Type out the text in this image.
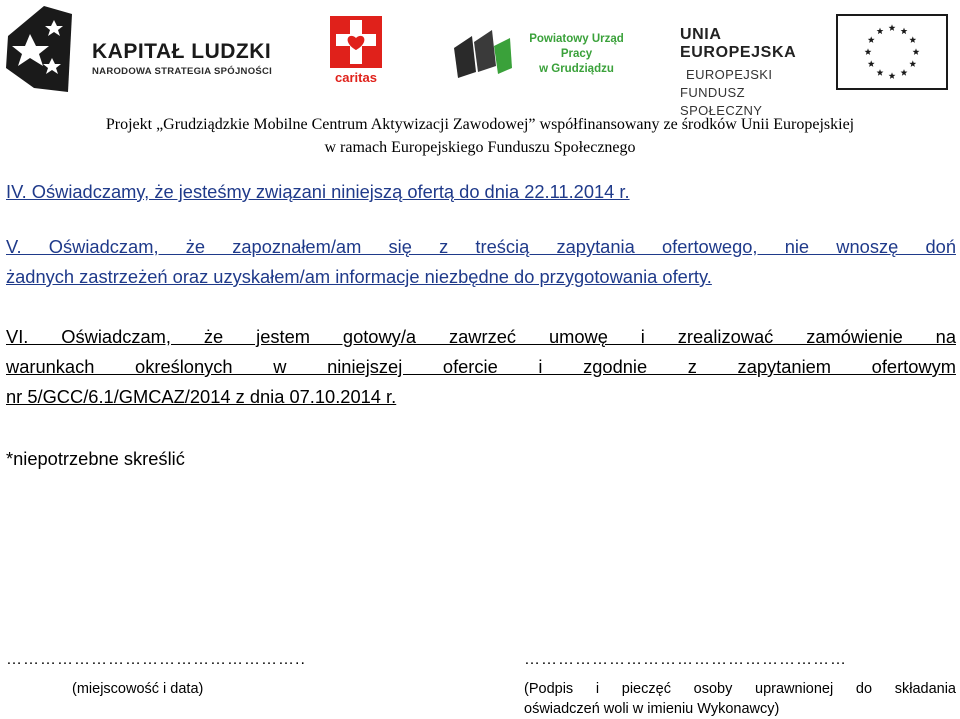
KAPITAŁ LUDZKI
NARODOWA STRATEGIA SPÓJNOŚCI	caritas
Powiatowy Urząd Pracy
w Grudziądzu
UNIA EUROPEJSKA
EUROPEJSKI
FUNDUSZ SPOŁECZNY
Projekt „Grudziądzkie Mobilne Centrum Aktywizacji Zawodowej” współfinansowany ze środków Unii Europejskiej
w ramach Europejskiego Funduszu Społecznego
IV. Oświadczamy, że jesteśmy związani niniejszą ofertą do dnia 22.11.2014 r.
V. Oświadczam, że zapoznałem/am się z treścią zapytania ofertowego, nie wnoszę doń
żadnych zastrzeżeń oraz uzyskałem/am informacje niezbędne do przygotowania oferty.
VI. Oświadczam, że jestem gotowy/a zawrzeć umowę i zrealizować zamówienie na
warunkach określonych w niniejszej ofercie i zgodnie z zapytaniem ofertowym
nr 5/GCC/6.1/GMCAZ/2014 z dnia 07.10.2014 r.
*niepotrzebne skreślić
……………………………………………..
(miejscowość i data)
…………………………………………………
(Podpis i pieczęć osoby uprawnionej do składania
oświadczeń woli w imieniu Wykonawcy)
